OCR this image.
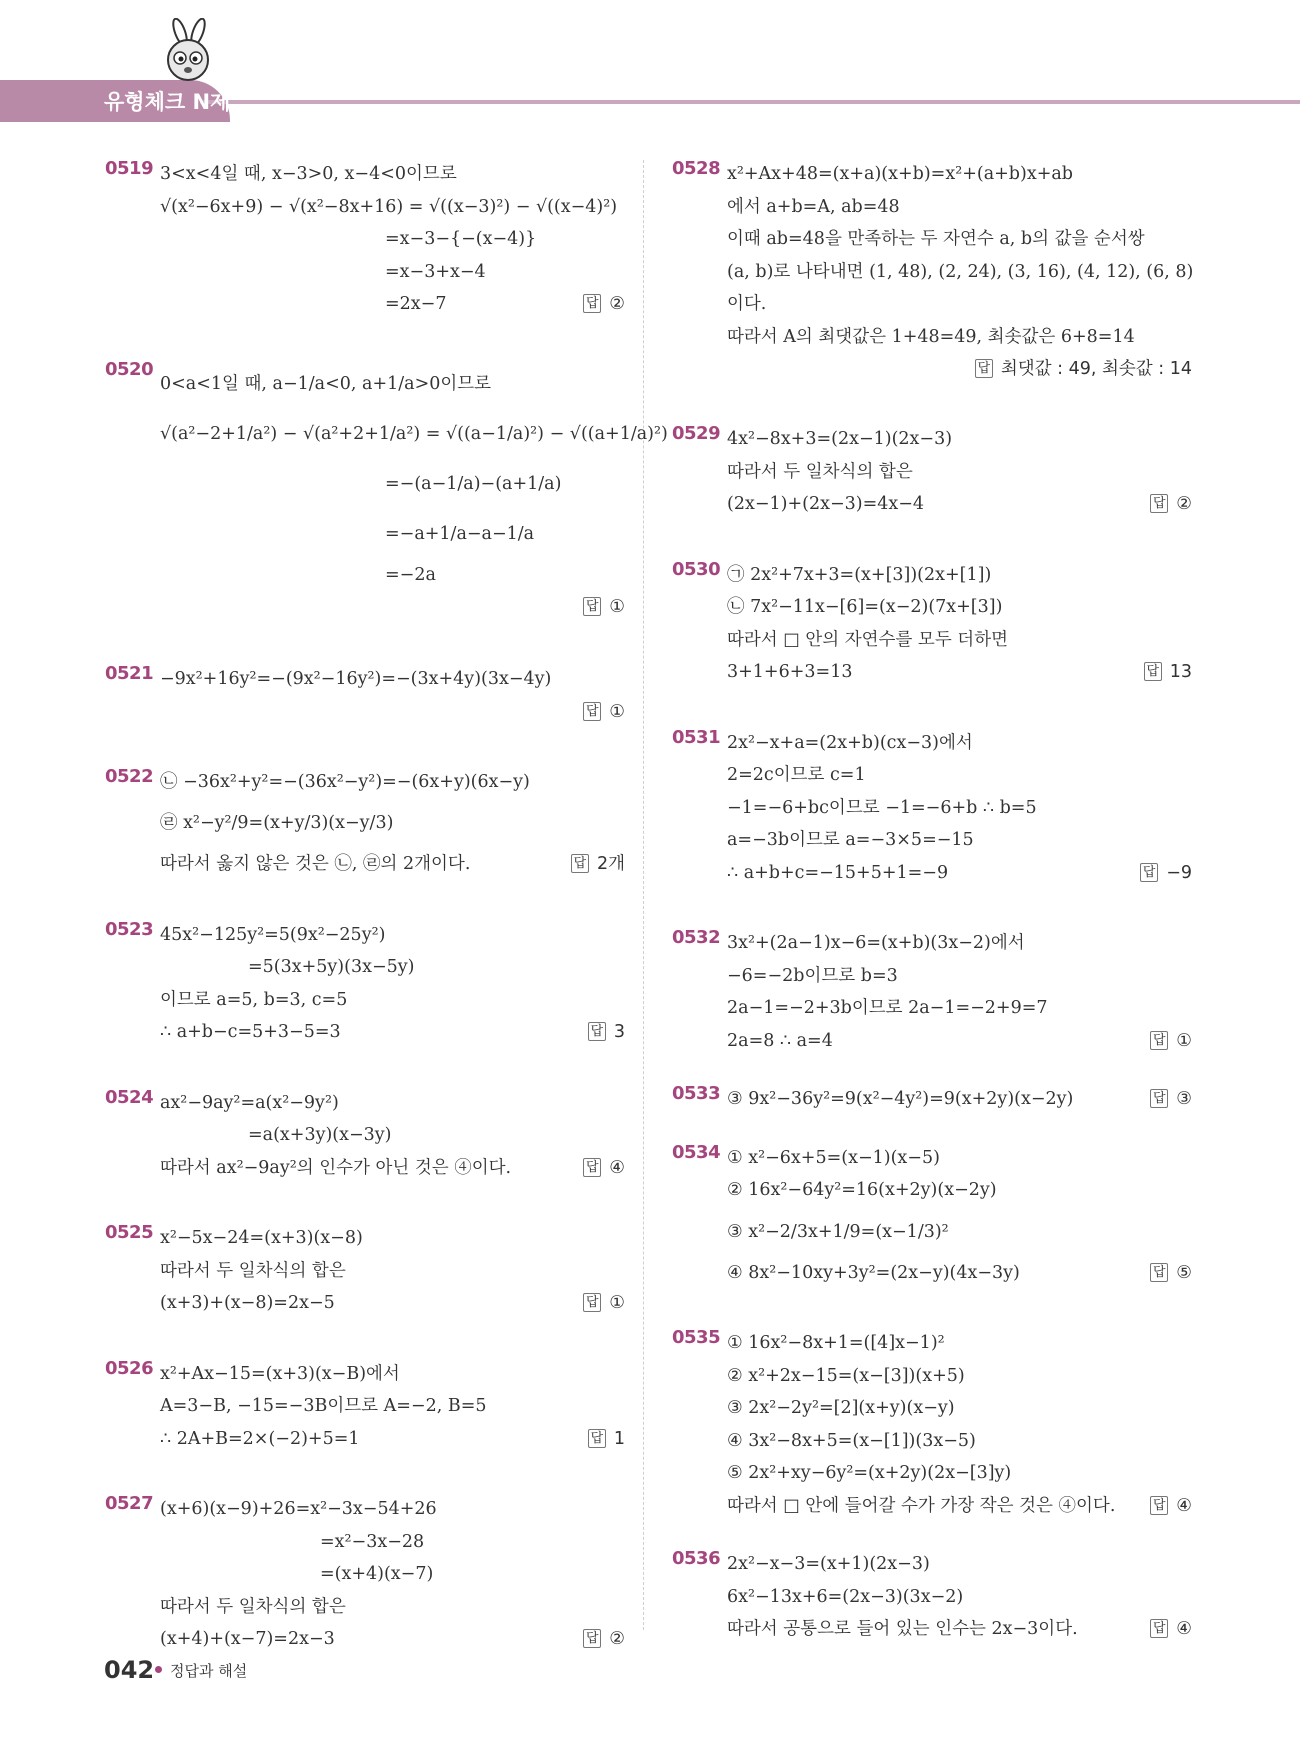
유형체크 N제
0519 3<x<4일 때, x−3>0, x−4<0이므로
√(x²−6x+9) − √(x²−8x+16) = √((x−3)²) − √((x−4)²)
=x−3−{−(x−4)}
=x−3+x−4
=2x−7	답 ②
0520
0<a<1일 때, a−1/a<0, a+1/a>0이므로
√(a²−2+1/a²) − √(a²+2+1/a²) = √((a−1/a)²) − √((a+1/a)²)
=−(a−1/a)−(a+1/a)
=−a+1/a−a−1/a
=−2a
답 ①
0521 −9x²+16y²=−(9x²−16y²)=−(3x+4y)(3x−4y)
답 ①
0522 ㉡ −36x²+y²=−(36x²−y²)=−(6x+y)(6x−y)
㉣ x²−y²/9=(x+y/3)(x−y/3)
따라서 옳지 않은 것은 ㉡, ㉣의 2개이다.	답 2개
0523 45x²−125y²=5(9x²−25y²)
=5(3x+5y)(3x−5y)
이므로 a=5, b=3, c=5
∴ a+b−c=5+3−5=3	답 3
0524 ax²−9ay²=a(x²−9y²)
=a(x+3y)(x−3y)
따라서 ax²−9ay²의 인수가 아닌 것은 ④이다.	답 ④
0525 x²−5x−24=(x+3)(x−8)
따라서 두 일차식의 합은
(x+3)+(x−8)=2x−5	답 ①
0526 x²+Ax−15=(x+3)(x−B)에서
A=3−B, −15=−3B이므로 A=−2, B=5
∴ 2A+B=2×(−2)+5=1	답 1
0527 (x+6)(x−9)+26=x²−3x−54+26
=x²−3x−28
=(x+4)(x−7)
따라서 두 일차식의 합은
(x+4)+(x−7)=2x−3	답 ②
0528 x²+Ax+48=(x+a)(x+b)=x²+(a+b)x+ab
에서 a+b=A, ab=48
이때 ab=48을 만족하는 두 자연수 a, b의 값을 순서쌍
(a, b)로 나타내면 (1, 48), (2, 24), (3, 16), (4, 12), (6, 8)
이다.
따라서 A의 최댓값은 1+48=49, 최솟값은 6+8=14
답 최댓값 : 49, 최솟값 : 14
0529 4x²−8x+3=(2x−1)(2x−3)
따라서 두 일차식의 합은
(2x−1)+(2x−3)=4x−4	답 ②
0530 ㉠ 2x²+7x+3=(x+[3])(2x+[1])
㉡ 7x²−11x−[6]=(x−2)(7x+[3])
따라서 □ 안의 자연수를 모두 더하면
3+1+6+3=13	답 13
0531 2x²−x+a=(2x+b)(cx−3)에서
2=2c이므로 c=1
−1=−6+bc이므로 −1=−6+b ∴ b=5
a=−3b이므로 a=−3×5=−15
∴ a+b+c=−15+5+1=−9	답 −9
0532 3x²+(2a−1)x−6=(x+b)(3x−2)에서
−6=−2b이므로 b=3
2a−1=−2+3b이므로 2a−1=−2+9=7
2a=8 ∴ a=4	답 ①
0533 ③ 9x²−36y²=9(x²−4y²)=9(x+2y)(x−2y)	답 ③
0534 ① x²−6x+5=(x−1)(x−5)
② 16x²−64y²=16(x+2y)(x−2y)
③ x²−2/3x+1/9=(x−1/3)²
④ 8x²−10xy+3y²=(2x−y)(4x−3y)	답 ⑤
0535 ① 16x²−8x+1=([4]x−1)²
② x²+2x−15=(x−[3])(x+5)
③ 2x²−2y²=[2](x+y)(x−y)
④ 3x²−8x+5=(x−[1])(3x−5)
⑤ 2x²+xy−6y²=(x+2y)(2x−[3]y)
따라서 □ 안에 들어갈 수가 가장 작은 것은 ④이다.	답 ④
0536 2x²−x−3=(x+1)(2x−3)
6x²−13x+6=(2x−3)(3x−2)
따라서 공통으로 들어 있는 인수는 2x−3이다.	답 ④
042 정답과 해설
